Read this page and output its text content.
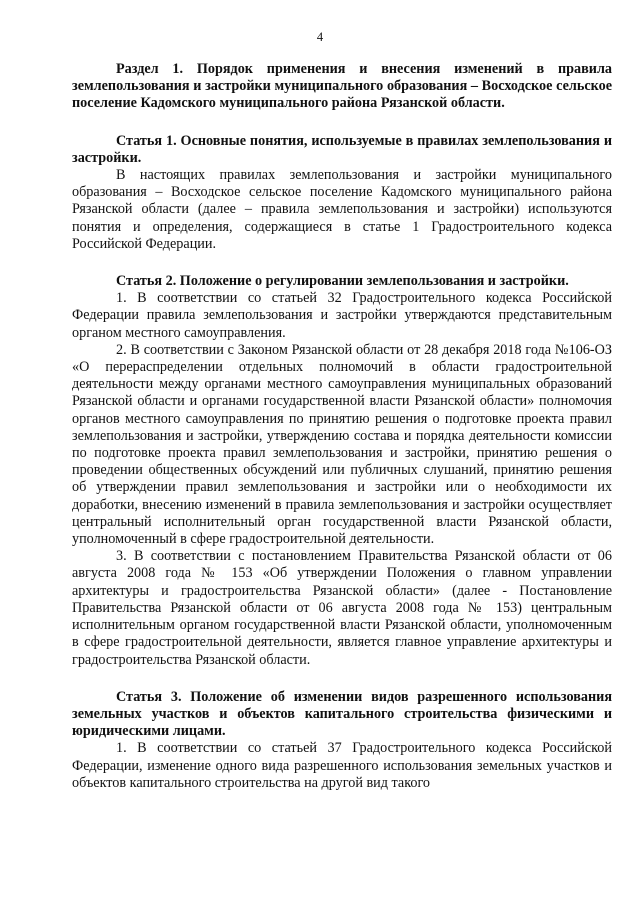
4

Раздел 1. Порядок применения и внесения изменений в правила землепользования и застройки муниципального образования – Восходское сельское поселение Кадомского муниципального района Рязанской области.

Статья 1. Основные понятия, используемые в правилах землепользования и застройки.

В настоящих правилах землепользования и застройки муниципального образования – Восходское сельское поселение Кадомского муниципального района Рязанской области (далее – правила землепользования и застройки) используются понятия и определения, содержащиеся в статье 1 Градостроительного кодекса Российской Федерации.

Статья 2. Положение о регулировании землепользования и застройки.

1. В соответствии со статьей 32 Градостроительного кодекса Российской Федерации правила землепользования и застройки утверждаются представительным органом местного самоуправления.

2. В соответствии с Законом Рязанской области от 28 декабря 2018 года №106-ОЗ «О перераспределении отдельных полномочий в области градостроительной деятельности между органами местного самоуправления муниципальных образований Рязанской области и органами государственной власти Рязанской области» полномочия органов местного самоуправления по принятию решения о подготовке проекта правил землепользования и застройки, утверждению состава и порядка деятельности комиссии по подготовке проекта правил землепользования и застройки, принятию решения о проведении общественных обсуждений или публичных слушаний, принятию решения об утверждении правил землепользования и застройки или о необходимости их доработки, внесению изменений в правила землепользования и застройки осуществляет центральный исполнительный орган государственной власти Рязанской области, уполномоченный в сфере градостроительной деятельности.

3. В соответствии с постановлением Правительства Рязанской области от 06 августа 2008 года № 153 «Об утверждении Положения о главном управлении архитектуры и градостроительства Рязанской области» (далее - Постановление Правительства Рязанской области от 06 августа 2008 года № 153) центральным исполнительным органом государственной власти Рязанской области, уполномоченным в сфере градостроительной деятельности, является главное управление архитектуры и градостроительства Рязанской области.

Статья 3. Положение об изменении видов разрешенного использования земельных участков и объектов капитального строительства физическими и юридическими лицами.

1. В соответствии со статьей 37 Градостроительного кодекса Российской Федерации, изменение одного вида разрешенного использования земельных участков и объектов капитального строительства на другой вид такого
